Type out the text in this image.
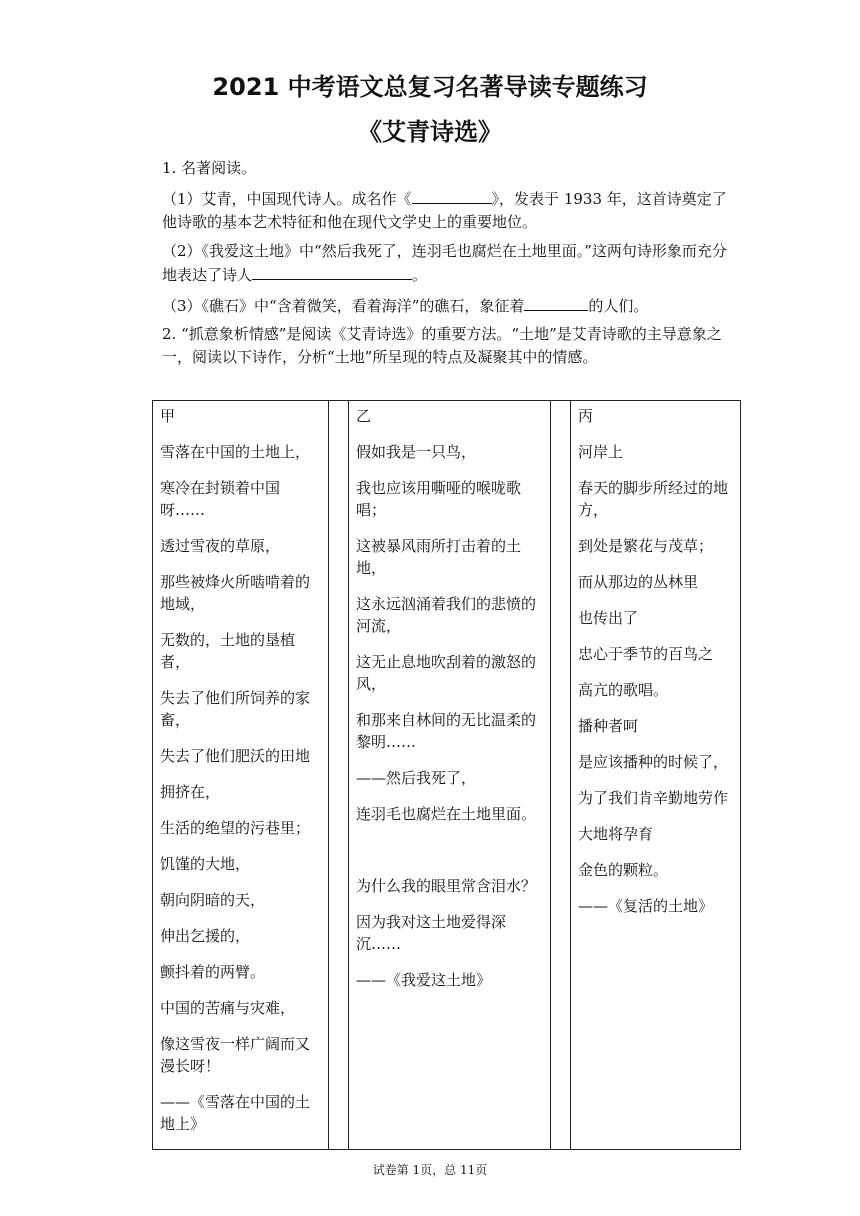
2021 中考语文总复习名著导读专题练习
《艾青诗选》

1. 名著阅读。

（1）艾青，中国现代诗人。成名作《	》，发表于 1933 年，这首诗奠定了他诗歌的基本艺术特征和他在现代文学史上的重要地位。

（2）《我爱这土地》中“然后我死了，连羽毛也腐烂在土地里面。”这两句诗形象而充分地表达了诗人	。

（3）《礁石》中“含着微笑，看着海洋”的礁石，象征着	的人们。

2. “抓意象析情感”是阅读《艾青诗选》的重要方法。“土地”是艾青诗歌的主导意象之一，阅读以下诗作，分析“土地”所呈现的特点及凝聚其中的情感。

甲

雪落在中国的土地上，

寒冷在封锁着中国呀……

透过雪夜的草原，

那些被烽火所啮啃着的地域，

无数的，土地的垦植者，

失去了他们所饲养的家畜，

失去了他们肥沃的田地

拥挤在，

生活的绝望的污巷里；

饥馑的大地，

朝向阴暗的天，

伸出乞援的，

颤抖着的两臂。

中国的苦痛与灾难，

像这雪夜一样广阔而又漫长呀！

——《雪落在中国的土地上》

乙

假如我是一只鸟，

我也应该用嘶哑的喉咙歌唱；

这被暴风雨所打击着的土地，

这永远汹涌着我们的悲愤的河流，

这无止息地吹刮着的激怒的风，

和那来自林间的无比温柔的黎明……

——然后我死了，

连羽毛也腐烂在土地里面。

为什么我的眼里常含泪水？

因为我对这土地爱得深沉……

——《我爱这土地》

丙

河岸上

春天的脚步所经过的地方，

到处是繁花与茂草；

而从那边的丛林里

也传出了

忠心于季节的百鸟之

高亢的歌唱。

播种者呵

是应该播种的时候了，

为了我们肯辛勤地劳作

大地将孕育

金色的颗粒。

——《复活的土地》

试卷第 1页，总 11页
